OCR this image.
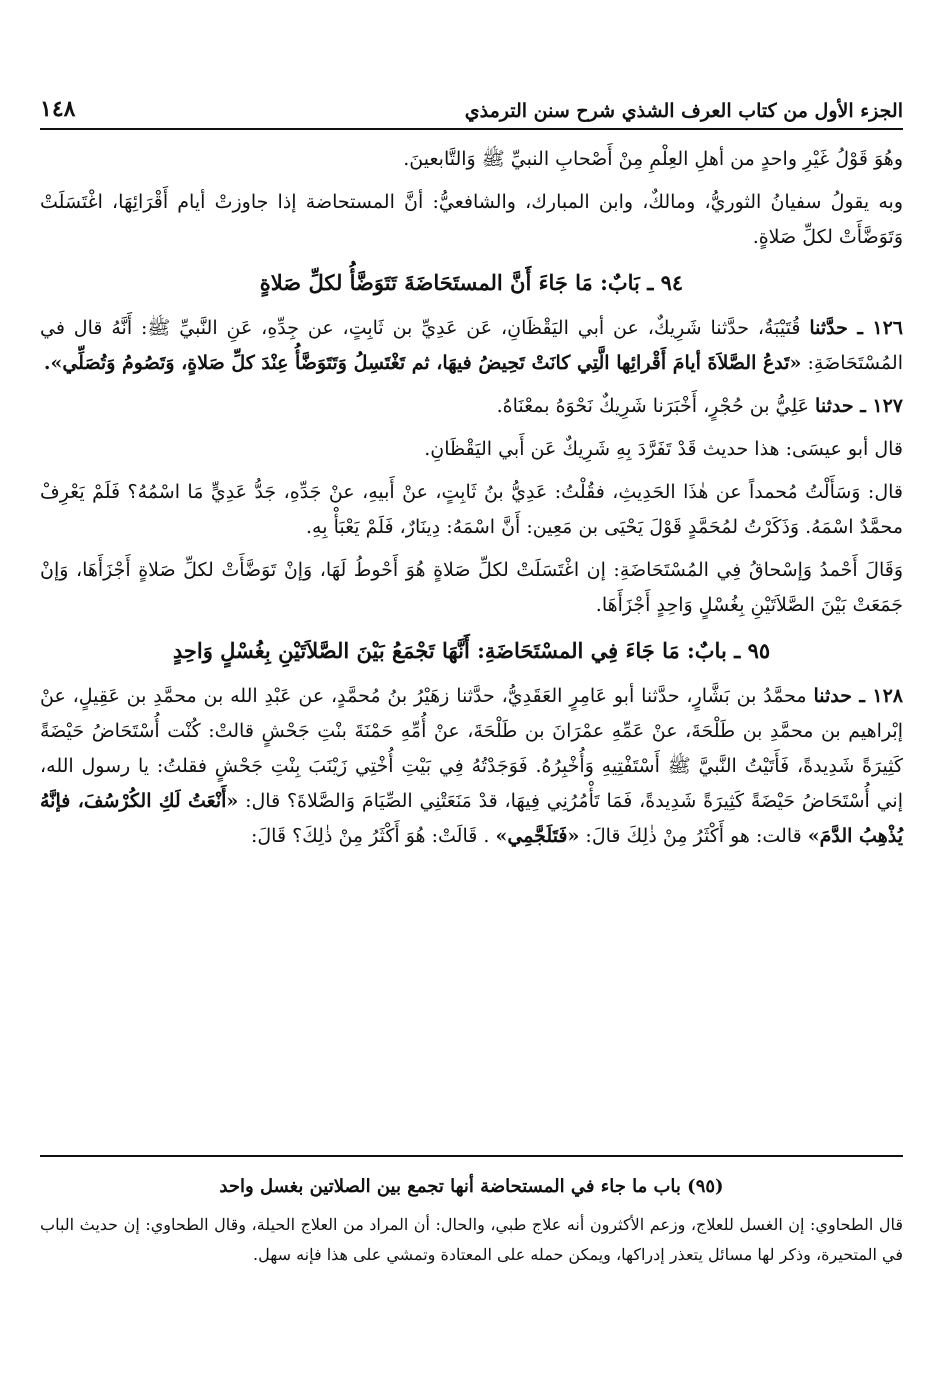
١٤٨	الجزء الأول من كتاب العرف الشذي شرح سنن الترمذي

وهُوَ قَوْلُ غَيْرِ واحدٍ من أهلِ العِلْمِ مِنْ أَصْحابِ النبيِّ ﷺ وَالتَّابعينَ.

وبه يقولُ سفيانُ الثوريُّ، ومالكٌ، وابن المبارك، والشافعيُّ: أنَّ المستحاضة إذا جاوزتْ أيام أَقْرَائِهَا، اغْتَسَلَتْ وَتَوَضَّأَتْ لكلِّ صَلاةٍ.

٩٤ ـ بَابٌ: مَا جَاءَ أَنَّ المستَحَاضَةَ تَتَوَضَّأُ لكلِّ صَلاةٍ

١٢٦ ـ حدَّثنا قُتَيْبَةُ، حدَّثنا شَرِيكٌ، عن أبي اليَقْظَانِ، عَن عَدِيِّ بن ثَابِتٍ، عن جِدِّهِ، عَنِ النَّبيِّ ﷺ: أَنَّهُ قال في المُسْتَحَاضَةِ: «تَدعُ الصَّلاَةَ أيامَ أَقْرائِها الَّتِي كانَتْ تَحِيضُ فيهَا، ثم تَغْتَسِلُ وَتَتَوَضَّأُ عِنْدَ كلِّ صَلاةٍ، وَتَصُومُ وَتُصَلِّي».

١٢٧ ـ حدثنا عَلِيُّ بن حُجْرٍ، أَخْبَرَنا شَرِيكٌ نَحْوَهُ بمعْنَاهُ.

قال أبو عيسَى: هذا حديث قَدْ تَفَرَّدَ بِهِ شَرِيكٌ عَن أَبي اليَقْظَانِ.

قال: وَسَأَلْتُ مُحمداً عن هٰذَا الحَدِيثِ، فقُلْتُ: عَدِيُّ بنُ ثَابِتٍ، عنْ أَبيهِ، عنْ جَدِّهِ، جَدُّ عَدِيٍّ مَا اسْمُهُ؟ فَلَمْ يَعْرِفْ محمَّدٌ اسْمَهُ. وَذَكَرْتُ لمُحَمَّدٍ قَوْلَ يَحْيَى بن مَعِين: أَنَّ اسْمَهُ: دِينَارٌ، فَلَمْ يَعْبَأْ بِهِ.

وَقَالَ أَحْمدُ وَإسْحاقُ فِي المُسْتَحَاضَةِ: إن اغْتَسَلَتْ لكلِّ صَلاةٍ هُوَ أَحْوطُ لَهَا، وَإنْ تَوَضَّأَتْ لكلِّ صَلاةٍ أَجْزَأَهَا، وَإنْ جَمَعَتْ بَيْنَ الصَّلاَتَيْنِ بِغُسْلٍ وَاحِدٍ أَجْزَأَهَا.

٩٥ ـ بابٌ: مَا جَاءَ فِي المسْتَحَاضَةِ: أَنَّهَا تَجْمَعُ بَيْنَ الصَّلاَتَيْنِ بِغُسْلٍ وَاحِدٍ

١٢٨ ـ حدثنا محمَّدُ بن بَشَّارٍ، حدَّثنا أبو عَامِرٍ العَقَدِيُّ، حدَّثنا زهَيْرُ بنُ مُحمَّدٍ، عن عَبْدِ الله بن محمَّدِ بن عَقِيلٍ، عنْ إبْراهيم بن محمَّدِ بن طَلْحَةَ، عنْ عَمِّهِ عمْرَانَ بن طَلْحَةَ، عنْ أُمِّهِ حَمْنَةَ بنْتِ جَحْشٍ قالتْ: كُنْت أُسْتَحَاضُ حَيْضَةً كَثِيرَةً شَدِيدةً، فَأَتَيْتُ النَّبيَّ ﷺ أَسْتَفْتِيهِ وَأُخْبِرُهُ. فَوَجَدْتُهُ فِي بَيْتِ أُخْتِي زَيْنَبَ بِنْتِ جَحْشٍ فقلتُ: يا رسول الله، إني أُسْتَحَاضُ حَيْضَةً كَثِيرَةً شَدِيدةً، فَمَا تَأْمُرُنِي فِيهَا، قدْ مَنَعَتْنِي الصِّيَامَ وَالصَّلاةَ؟ قال: «أَنْعَتُ لَكِ الكُرْسُفَ، فإنَّهُ يُذْهِبُ الدَّمَ» قالت: هو أَكْثَرُ مِنْ ذٰلِكَ قالَ: «فَتَلَجَّمِي» . قَالَتْ: هُوَ أَكْثَرُ مِنْ ذٰلِكَ؟ قَالَ:

(٩٥) باب ما جاء في المستحاضة أنها تجمع بين الصلاتين بغسل واحد

قال الطحاوي: إن الغسل للعلاج، وزعم الأكثرون أنه علاج طبي، والحال: أن المراد من العلاج الحيلة، وقال الطحاوي: إن حديث الباب في المتحيرة، وذكر لها مسائل يتعذر إدراكها، ويمكن حمله على المعتادة وتمشي على هذا فإنه سهل.
